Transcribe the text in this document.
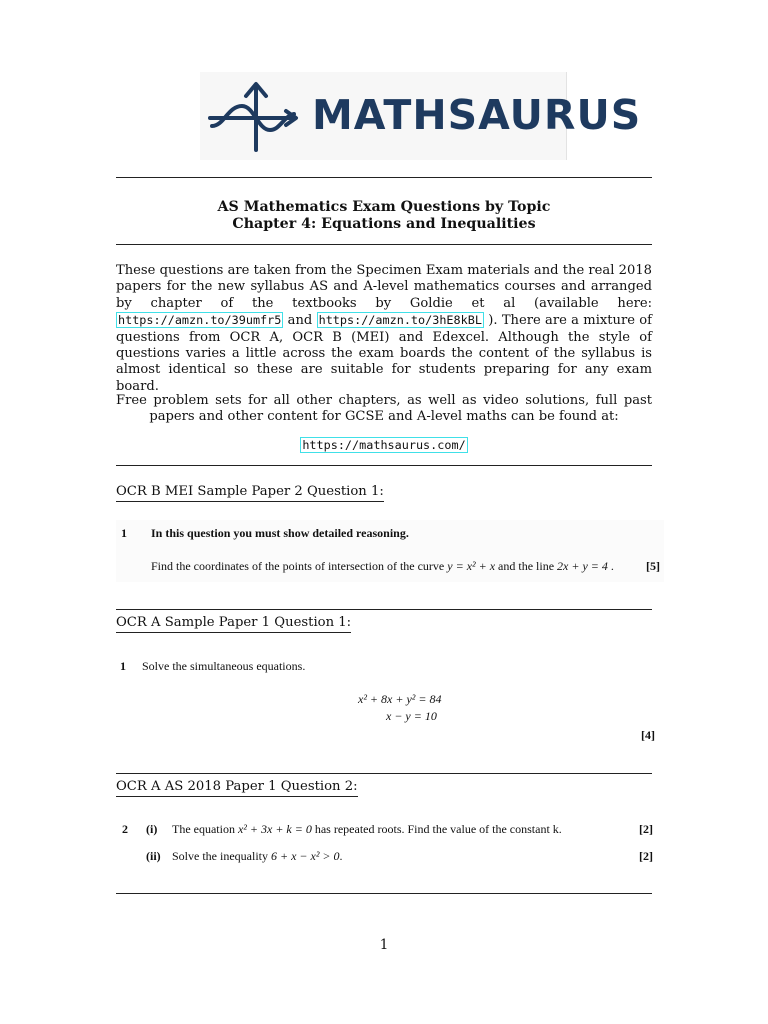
MATHSAURUS
AS Mathematics Exam Questions by Topic
Chapter 4: Equations and Inequalities

These questions are taken from the Specimen Exam materials and the real 2018 papers for the new syllabus AS and A-level mathematics courses and arranged by chapter of the textbooks by Goldie et al (available here: https://amzn.to/39umfr5 and https://amzn.to/3hE8kBL ). There are a mixture of questions from OCR A, OCR B (MEI) and Edexcel. Although the style of questions varies a little across the exam boards the content of the syllabus is almost identical so these are suitable for students preparing for any exam board.

Free problem sets for all other chapters, as well as video solutions, full past papers and other content for GCSE and A-level maths can be found at:

https://mathsaurus.com/
OCR B MEI Sample Paper 2 Question 1:
1 In this question you must show detailed reasoning.
Find the coordinates of the points of intersection of the curve y = x² + x and the line 2x + y = 4 .	[5]
OCR A Sample Paper 1 Question 1:
1 Solve the simultaneous equations.
x² + 8x + y² = 84
x − y = 10
[4]
OCR A AS 2018 Paper 1 Question 2:
2 (i) The equation x² + 3x + k = 0 has repeated roots. Find the value of the constant k.	[2]
(ii) Solve the inequality 6 + x − x² > 0.	[2]
1
